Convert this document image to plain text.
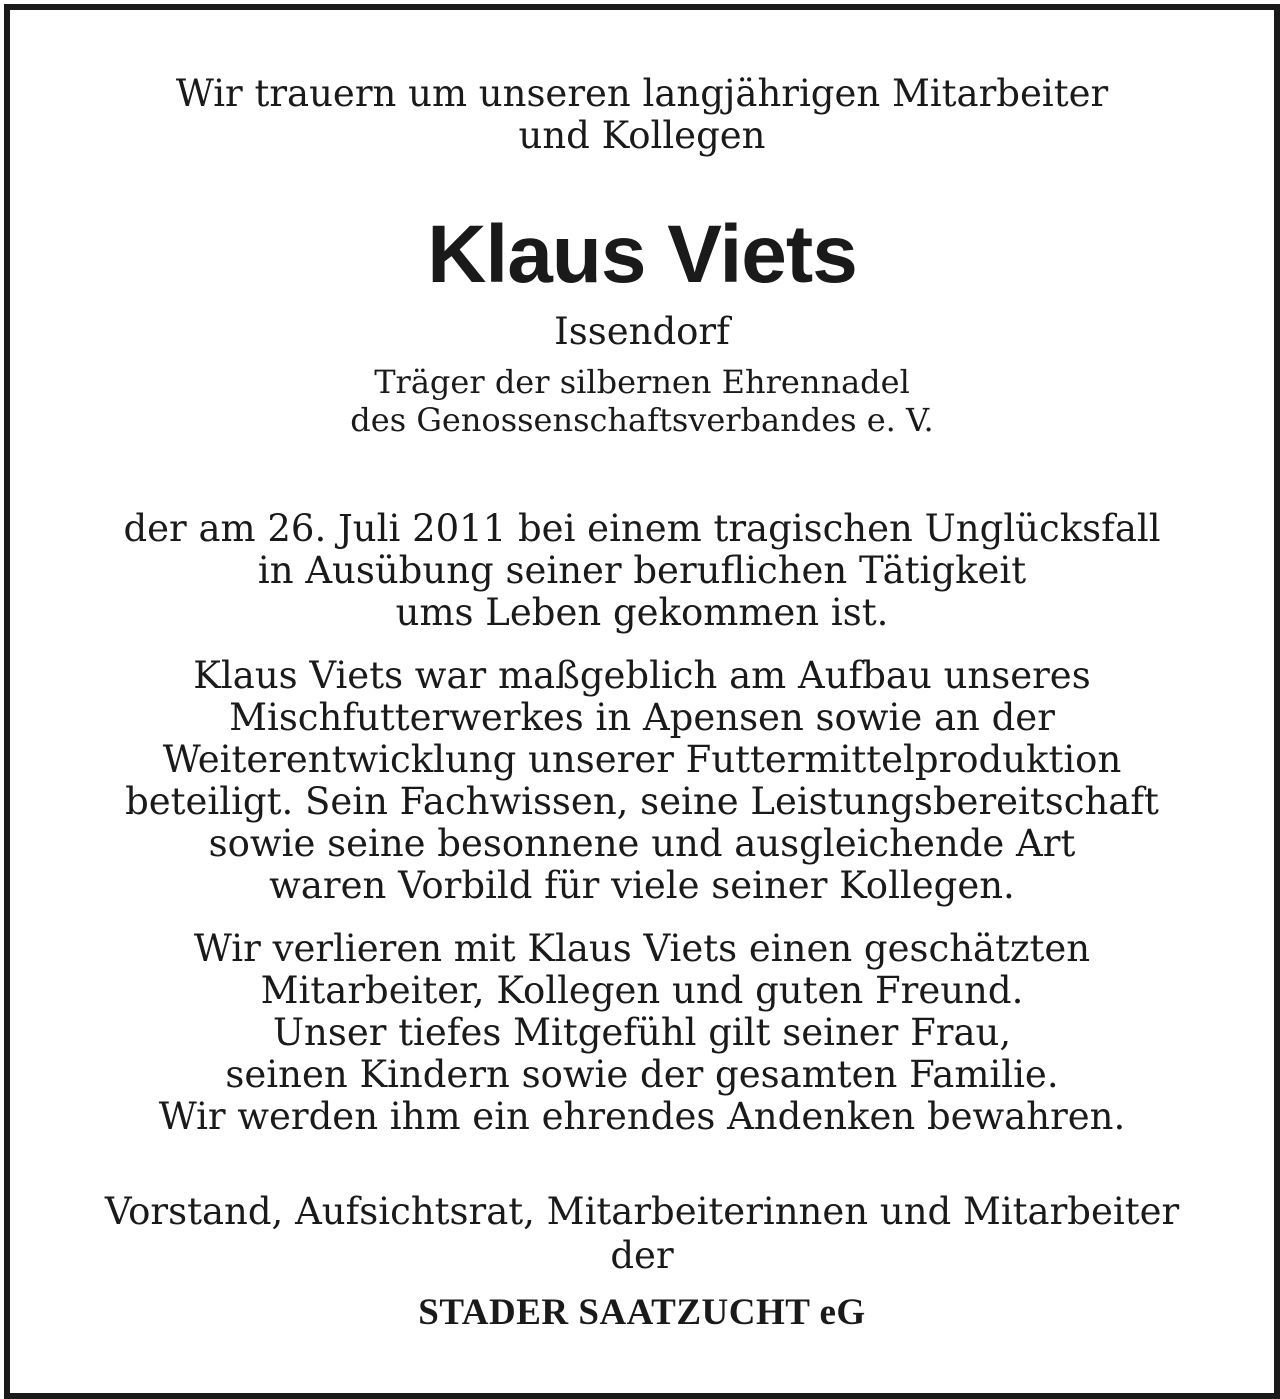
Wir trauern um unseren langjährigen Mitarbeiter
und Kollegen
Klaus Viets
Issendorf
Träger der silbernen Ehrennadel
des Genossenschaftsverbandes e. V.
der am 26. Juli 2011 bei einem tragischen Unglücksfall
in Ausübung seiner beruflichen Tätigkeit
ums Leben gekommen ist.
Klaus Viets war maßgeblich am Aufbau unseres
Mischfutterwerkes in Apensen sowie an der
Weiterentwicklung unserer Futtermittelproduktion
beteiligt. Sein Fachwissen, seine Leistungsbereitschaft
sowie seine besonnene und ausgleichende Art
waren Vorbild für viele seiner Kollegen.
Wir verlieren mit Klaus Viets einen geschätzten
Mitarbeiter, Kollegen und guten Freund.
Unser tiefes Mitgefühl gilt seiner Frau,
seinen Kindern sowie der gesamten Familie.
Wir werden ihm ein ehrendes Andenken bewahren.
Vorstand, Aufsichtsrat, Mitarbeiterinnen und Mitarbeiter
der
STADER SAATZUCHT eG
